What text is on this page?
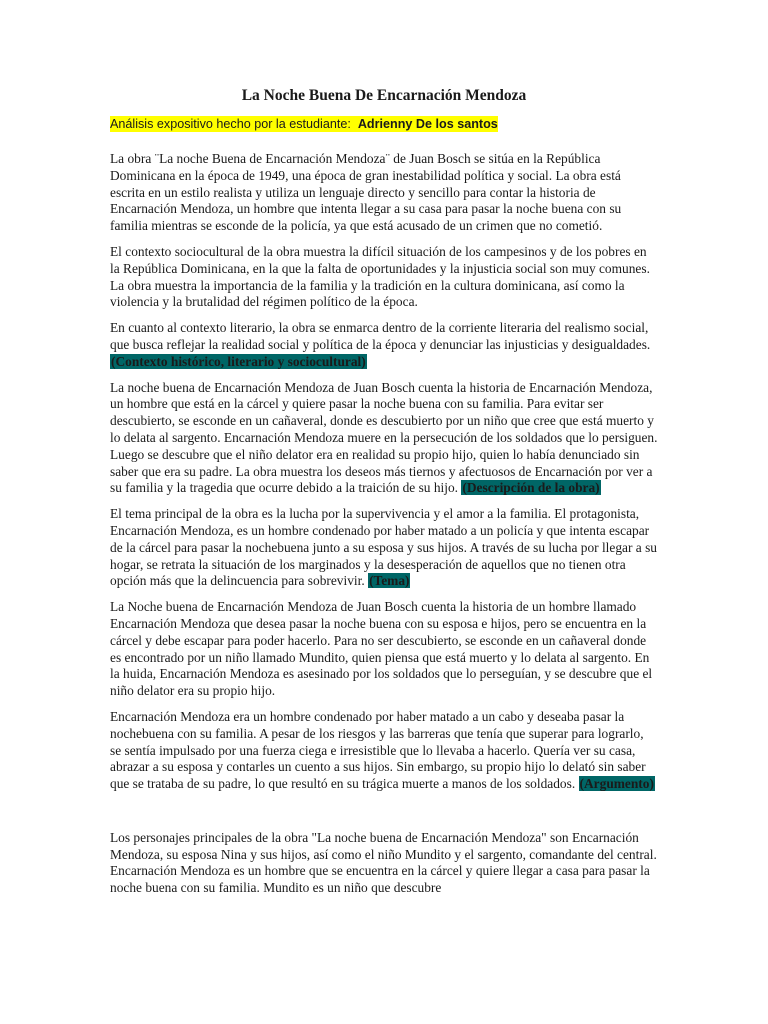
La Noche Buena De Encarnación Mendoza
Análisis expositivo hecho por la estudiante: Adrienny De los santos

La obra ¨La noche Buena de Encarnación Mendoza¨ de Juan Bosch se sitúa en la República Dominicana en la época de 1949, una época de gran inestabilidad política y social. La obra está escrita en un estilo realista y utiliza un lenguaje directo y sencillo para contar la historia de Encarnación Mendoza, un hombre que intenta llegar a su casa para pasar la noche buena con su familia mientras se esconde de la policía, ya que está acusado de un crimen que no cometió.

El contexto sociocultural de la obra muestra la difícil situación de los campesinos y de los pobres en la República Dominicana, en la que la falta de oportunidades y la injusticia social son muy comunes. La obra muestra la importancia de la familia y la tradición en la cultura dominicana, así como la violencia y la brutalidad del régimen político de la época.

En cuanto al contexto literario, la obra se enmarca dentro de la corriente literaria del realismo social, que busca reflejar la realidad social y política de la época y denunciar las injusticias y desigualdades. (Contexto histórico, literario y sociocultural)

La noche buena de Encarnación Mendoza de Juan Bosch cuenta la historia de Encarnación Mendoza, un hombre que está en la cárcel y quiere pasar la noche buena con su familia. Para evitar ser descubierto, se esconde en un cañaveral, donde es descubierto por un niño que cree que está muerto y lo delata al sargento. Encarnación Mendoza muere en la persecución de los soldados que lo persiguen. Luego se descubre que el niño delator era en realidad su propio hijo, quien lo había denunciado sin saber que era su padre. La obra muestra los deseos más tiernos y afectuosos de Encarnación por ver a su familia y la tragedia que ocurre debido a la traición de su hijo. (Descripción de la obra)

El tema principal de la obra es la lucha por la supervivencia y el amor a la familia. El protagonista, Encarnación Mendoza, es un hombre condenado por haber matado a un policía y que intenta escapar de la cárcel para pasar la nochebuena junto a su esposa y sus hijos. A través de su lucha por llegar a su hogar, se retrata la situación de los marginados y la desesperación de aquellos que no tienen otra opción más que la delincuencia para sobrevivir. (Tema)

La Noche buena de Encarnación Mendoza de Juan Bosch cuenta la historia de un hombre llamado Encarnación Mendoza que desea pasar la noche buena con su esposa e hijos, pero se encuentra en la cárcel y debe escapar para poder hacerlo. Para no ser descubierto, se esconde en un cañaveral donde es encontrado por un niño llamado Mundito, quien piensa que está muerto y lo delata al sargento. En la huida, Encarnación Mendoza es asesinado por los soldados que lo perseguían, y se descubre que el niño delator era su propio hijo.

Encarnación Mendoza era un hombre condenado por haber matado a un cabo y deseaba pasar la nochebuena con su familia. A pesar de los riesgos y las barreras que tenía que superar para lograrlo, se sentía impulsado por una fuerza ciega e irresistible que lo llevaba a hacerlo. Quería ver su casa, abrazar a su esposa y contarles un cuento a sus hijos. Sin embargo, su propio hijo lo delató sin saber que se trataba de su padre, lo que resultó en su trágica muerte a manos de los soldados. (Argumento)

Los personajes principales de la obra "La noche buena de Encarnación Mendoza" son Encarnación Mendoza, su esposa Nina y sus hijos, así como el niño Mundito y el sargento, comandante del central. Encarnación Mendoza es un hombre que se encuentra en la cárcel y quiere llegar a casa para pasar la noche buena con su familia. Mundito es un niño que descubre
